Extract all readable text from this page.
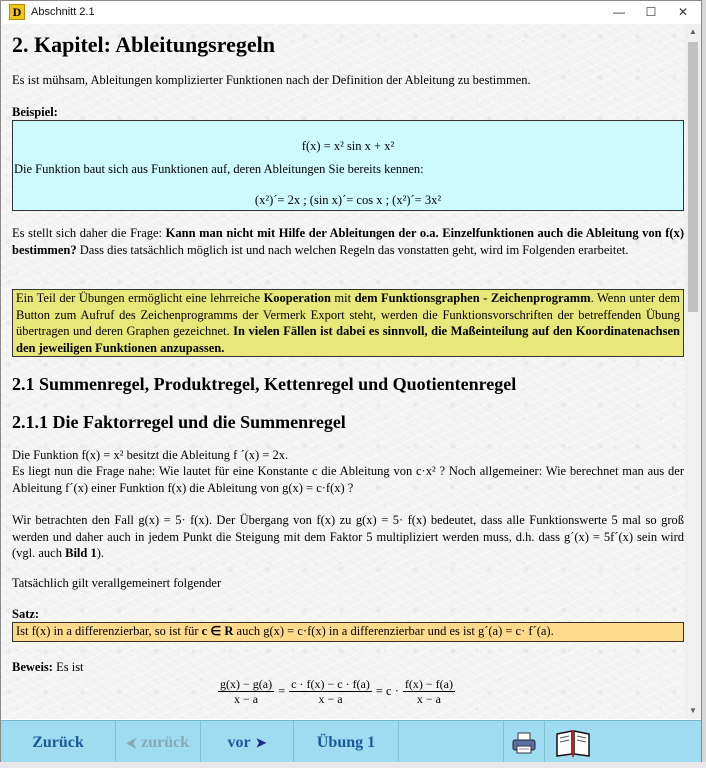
D Abschnitt 2.1	— ☐ ✕
2. Kapitel: Ableitungsregeln

Es ist mühsam, Ableitungen komplizierter Funktionen nach der Definition der Ableitung zu bestimmen.

Beispiel:

f(x) = x² sin x + x²

Die Funktion baut sich aus Funktionen auf, deren Ableitungen Sie bereits kennen:

(x²)´= 2x ; (sin x)´= cos x ; (x²)´= 3x²

Es stellt sich daher die Frage: Kann man nicht mit Hilfe der Ableitungen der o.a. Einzelfunktionen auch die Ableitung von f(x) bestimmen? Dass dies tatsächlich möglich ist und nach welchen Regeln das vonstatten geht, wird im Folgenden erarbeitet.

Ein Teil der Übungen ermöglicht eine lehrreiche Kooperation mit dem Funktionsgraphen - Zeichenprogramm. Wenn unter dem Button zum Aufruf des Zeichenprogramms der Vermerk Export steht, werden die Funktionsvorschriften der betreffenden Übung übertragen und deren Graphen gezeichnet. In vielen Fällen ist dabei es sinnvoll, die Maßeinteilung auf den Koordinatenachsen den jeweiligen Funktionen anzupassen.
2.1 Summenregel, Produktregel, Kettenregel und Quotientenregel
2.1.1 Die Faktorregel und die Summenregel

Die Funktion f(x) = x² besitzt die Ableitung f ´(x) = 2x.

Es liegt nun die Frage nahe: Wie lautet für eine Konstante c die Ableitung von c·x² ? Noch allgemeiner: Wie berechnet man aus der Ableitung f´(x) einer Funktion f(x) die Ableitung von g(x) = c·f(x) ?

Wir betrachten den Fall g(x) = 5· f(x). Der Übergang von f(x) zu g(x) = 5· f(x) bedeutet, dass alle Funktionswerte 5 mal so groß werden und daher auch in jedem Punkt die Steigung mit dem Faktor 5 multipliziert werden muss, d.h. dass g´(x) = 5f´(x) sein wird (vgl. auch Bild 1).

Tatsächlich gilt verallgemeinert folgender

Satz:

Ist f(x) in a differenzierbar, so ist für c ∈ R auch g(x) = c·f(x) in a differenzierbar und es ist g´(a) = c· f´(a).

Beweis: Es ist

$\frac{g(x) - g(a)}{x - a} = \frac{c \cdot f(x) - c \cdot f(a)}{x - a} = c \cdot \frac{f(x) - f(a)}{x - a}$
▲
▼
Zurück	⮜ zurück vor ➤	Übung 1
